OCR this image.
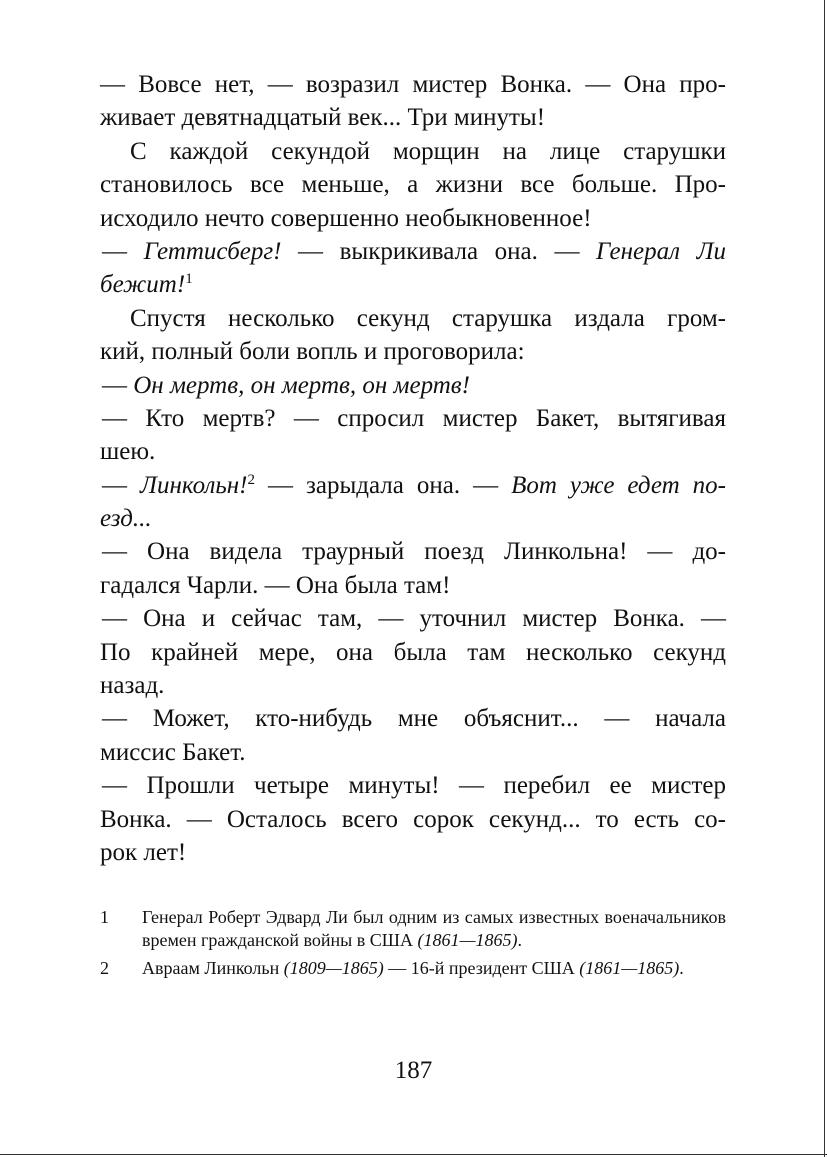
— Вовсе нет, — возразил мистер Вонка. — Она про-
живает девятнадцатый век... Три минуты!
С каждой секундой морщин на лице старушки
становилось все меньше, а жизни все больше. Про-
исходило нечто совершенно необыкновенное!
— Геттисберг! — выкрикивала она. — Генерал Ли
бежит!$^1$
Спустя несколько секунд старушка издала гром-
кий, полный боли вопль и проговорила:
— Он мертв, он мертв, он мертв!
— Кто мертв? — спросил мистер Бакет, вытягивая
шею.
— Линкольн!$^2$ — зарыдала она. — Вот уже едет по-
езд...
— Она видела траурный поезд Линкольна! — до-
гадался Чарли. — Она была там!
— Она и сейчас там, — уточнил мистер Вонка. —
По крайней мере, она была там несколько секунд
назад.
— Может, кто-нибудь мне объяснит... — начала
миссис Бакет.
— Прошли четыре минуты! — перебил ее мистер
Вонка. — Осталось всего сорок секунд... то есть со-
рок лет!
1 Генерал Роберт Эдвард Ли был одним из самых известных военачальников времен гражданской войны в США (1861—1865).
2 Авраам Линкольн (1809—1865) — 16-й президент США (1861—1865).
187
